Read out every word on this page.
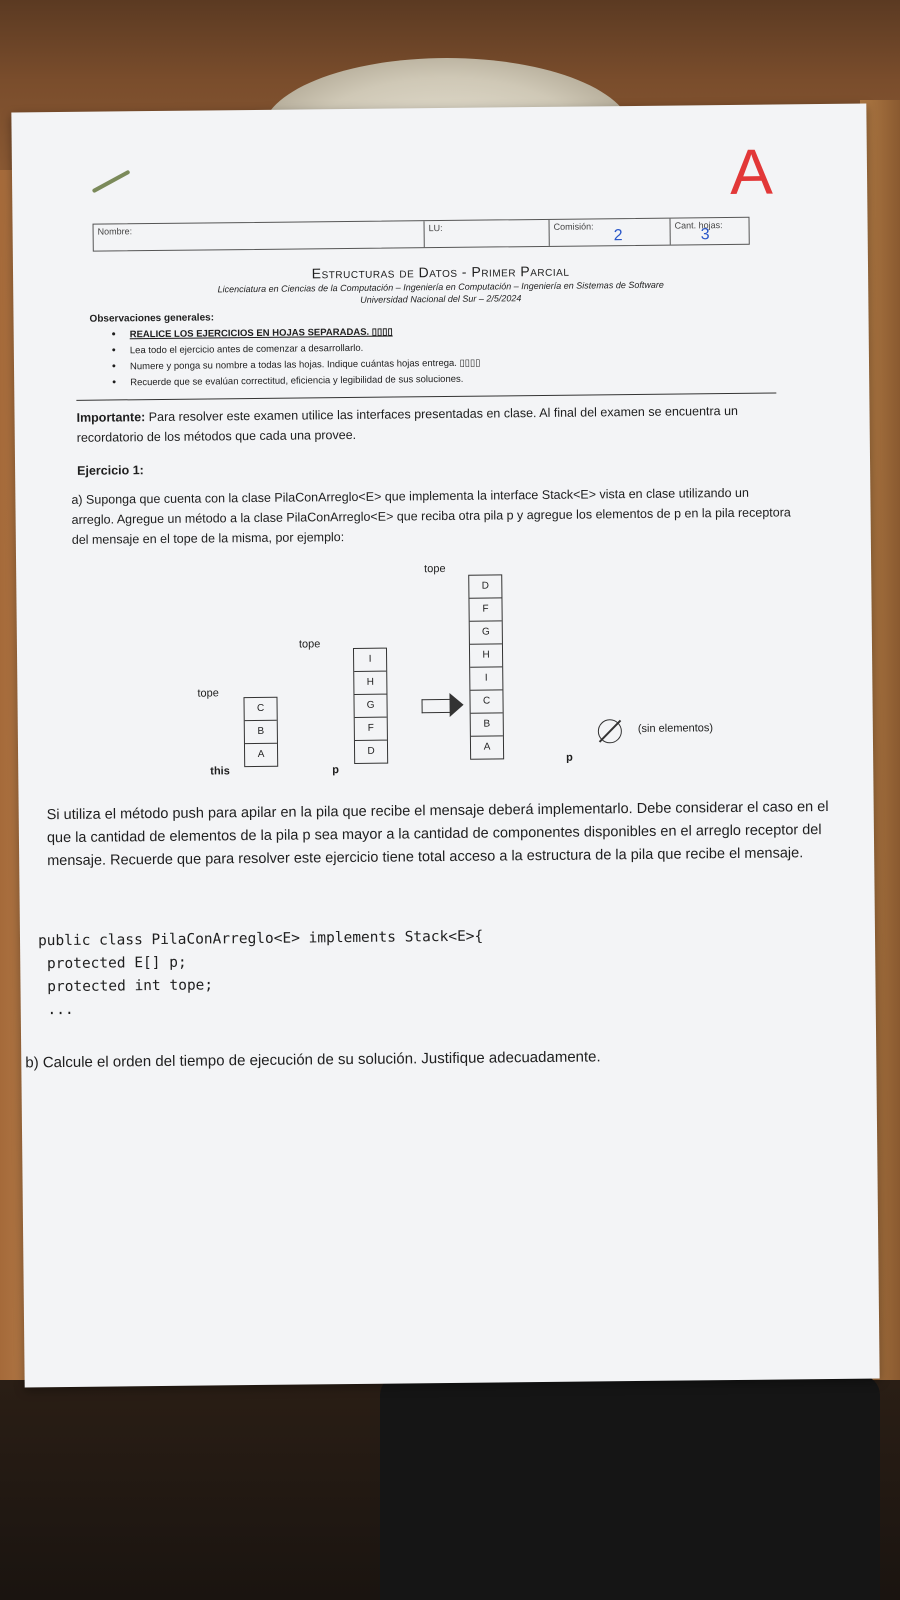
A
Nombre:	LU:	Comisión:
2
Cant. hojas:
3
Estructuras de Datos - Primer Parcial
Licenciatura en Ciencias de la Computación – Ingeniería en Computación – Ingeniería en Sistemas de Software
Universidad Nacional del Sur – 2/5/2024
Observaciones generales:
• REALICE LOS EJERCICIOS EN HOJAS SEPARADAS. ▯▯▯▯
• Lea todo el ejercicio antes de comenzar a desarrollarlo.
• Numere y ponga su nombre a todas las hojas. Indique cuántas hojas entrega. ▯▯▯▯
• Recuerde que se evalúan correctitud, eficiencia y legibilidad de sus soluciones.
Importante: Para resolver este examen utilice las interfaces presentadas en clase. Al final del examen se encuentra un recordatorio de los métodos que cada una provee.
Ejercicio 1:
a) Suponga que cuenta con la clase PilaConArreglo<E> que implementa la interface Stack<E> vista en clase utilizando un arreglo. Agregue un método a la clase PilaConArreglo<E> que reciba otra pila p y agregue los elementos de p en la pila receptora del mensaje en el tope de la misma, por ejemplo:
tope
this
C
B
A
tope
p
I
H
G
F
D
tope
D
F
G
H
I
C
B
A
(sin elementos)
p
Si utiliza el método push para apilar en la pila que recibe el mensaje deberá implementarlo. Debe considerar el caso en el que la cantidad de elementos de la pila p sea mayor a la cantidad de componentes disponibles en el arreglo receptor del mensaje. Recuerde que para resolver este ejercicio tiene total acceso a la estructura de la pila que recibe el mensaje.
public class PilaConArreglo<E> implements Stack<E>{
protected E[] p;
protected int tope;
...
b) Calcule el orden del tiempo de ejecución de su solución. Justifique adecuadamente.
